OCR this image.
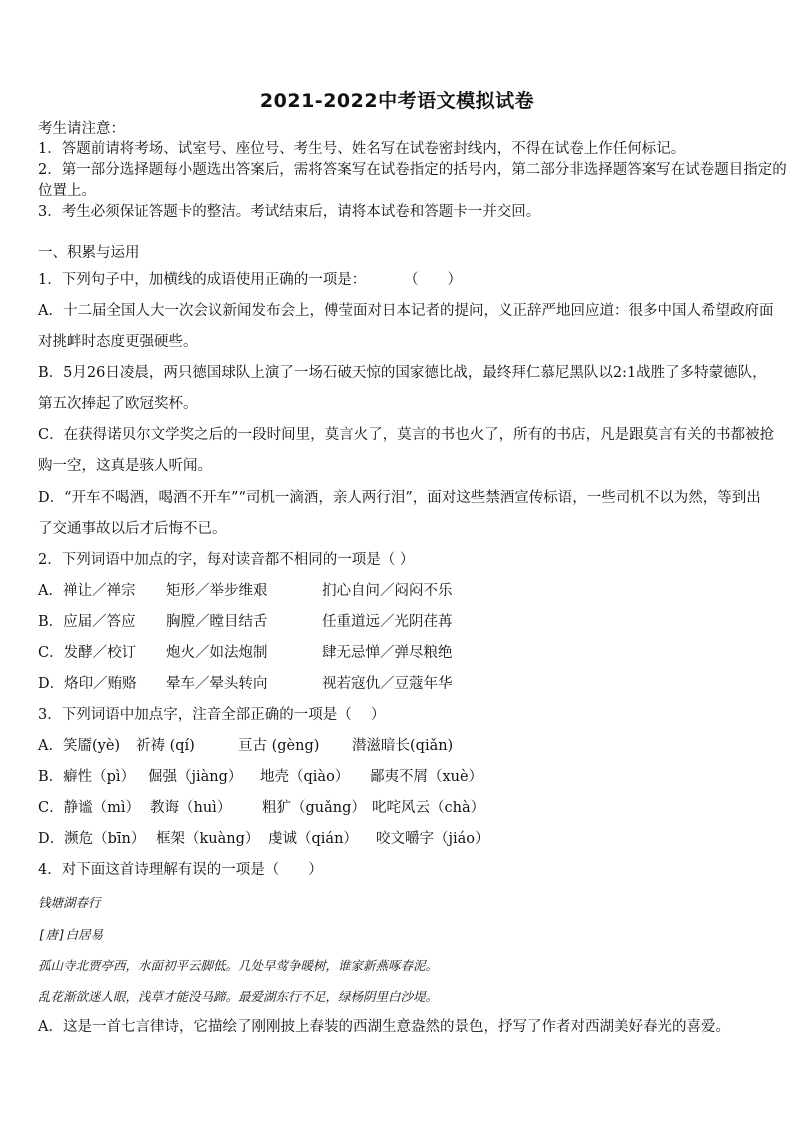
2021-2022中考语文模拟试卷
考生请注意：
1．答题前请将考场、试室号、座位号、考生号、姓名写在试卷密封线内，不得在试卷上作任何标记。
2．第一部分选择题每小题选出答案后，需将答案写在试卷指定的括号内，第二部分非选择题答案写在试卷题目指定的
位置上。
3．考生必须保证答题卡的整洁。考试结束后，请将本试卷和答题卡一并交回。
一、积累与运用
1．下列句子中，加横线的成语使用正确的一项是：	（　　）
A．十二届全国人大一次会议新闻发布会上，傅莹面对日本记者的提问，义正辞严地回应道：很多中国人希望政府面
对挑衅时态度更强硬些。
B．5月26日凌晨，两只德国球队上演了一场石破天惊的国家德比战，最终拜仁慕尼黑队以2:1战胜了多特蒙德队，
第五次捧起了欧冠奖杯。
C．在获得诺贝尔文学奖之后的一段时间里，莫言火了，莫言的书也火了，所有的书店，凡是跟莫言有关的书都被抢
购一空，这真是骇人听闻。
D．“开车不喝酒，喝酒不开车”“司机一滴酒，亲人两行泪”，面对这些禁酒宣传标语，一些司机不以为然，等到出
了交通事故以后才后悔不已。
2．下列词语中加点的字，每对读音都不相同的一项是（ ）
A．禅让／禅宗 矩形／举步维艰	扪心自问／闷闷不乐
B．应届／答应 胸膛／瞠目结舌	任重道远／光阴荏苒
C．发酵／校订 炮火／如法炮制	肆无忌惮／弹尽粮绝
D．烙印／贿赂 晕车／晕头转向	视若寇仇／豆蔻年华
3．下列词语中加点字，注音全部正确的一项是（　 ）
A．笑靥(yè) 祈祷 (qí)	亘古 (gèng) 潜滋暗长(qiǎn)
B．癖性（pì） 倔强（jiàng） 地壳（qiào） 鄙夷不屑（xuè）
C．静谧（mì） 教诲（huì） 粗犷（guǎng） 叱咤风云（chà）
D．濒危（bīn） 框架（kuàng） 虔诚（qián） 咬文嚼字（jiáo）
4．对下面这首诗理解有误的一项是（　　）
钱塘湖春行
[唐]白居易
孤山寺北贾亭西，水面初平云脚低。几处早莺争暖树，谁家新燕啄春泥。
乱花渐欲迷人眼，浅草才能没马蹄。最爱湖东行不足，绿杨阴里白沙堤。
A．这是一首七言律诗，它描绘了刚刚披上春装的西湖生意盎然的景色，抒写了作者对西湖美好春光的喜爱。
